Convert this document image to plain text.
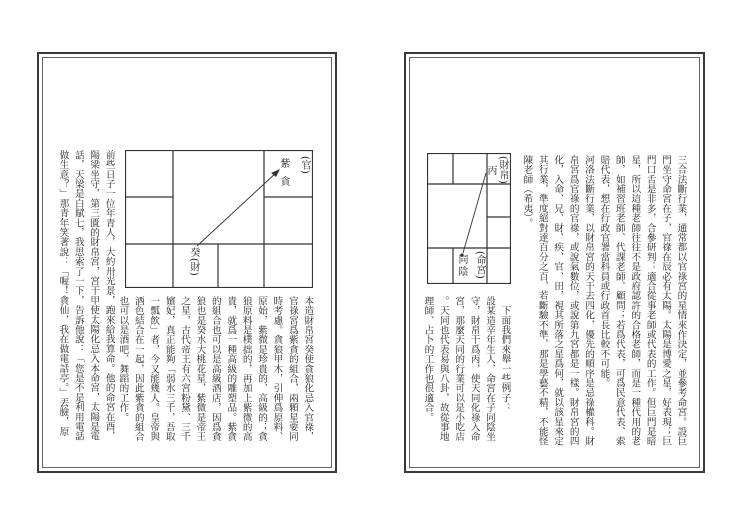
(官)
紫貪
癸
(財)
前些日子一位年青人，大約卅光景，跑來給我算命。他的命宮在酉，
陽梁坐守，第三匱的財帛宮，宮干甲使太陽化忌入本命宮，太陽是電
話，天梁是白賦七，我思索了一下，告訴他說：「您是不是利用電話
做生意？」那青年笑著說：「喔！貪仙，我在做電話亭。」丟臉，原	本造財帛宮癸使貪狼化忌入官祿，
官祿宮爲紫貪的組合，兩顆星要同
時考慮。貪狼甲木，引伸爲原料、
原始，紫微是珍貴的、高級的；貪
狼原料是樸拙的，再加上紫微的高
貴，就爲一種高級的雕塑品。紫貪
的組合也可以是高級酒店，因爲貪
狼也是癸水大桃花星，紫微是帝王
之星，古代帝王有六宮粉黛、三千
嬪妃，真正能夠「弱水三千，吾取
一瓢飲」者，今又能幾人。皇帝與
酒色結合在一起，因此紫貪的組合
也可以是酒吧、舞蹈的工作。
(財帛)
丙
(命宮)
同陰	三合法斷行業，通常都以官祿宮的星情來作決定，並參考命宮。設巨
門坐守命宮在子，官祿在辰必有太陽。太陽是博愛之星，好表現；巨
門口舌是非多，合參研判：適合從事老師或代表的工作。但巨門是暗
星，所以這種老師往往不是政府認許的合格老師，而是一種代用的老
師，如補習班老師、代課老師、顧問；若爲代表，可爲民意代表、索
賠代表，想在行政官署當科員或行政首長比較不可能。
河洛法斷行業，以財帛宮的天干去四化，優先的順序是忌祿權科。財
帛宮爲官祿的官祿，或說氣數位，或說第九宮都是一樣。財帛宮的四
化，入命、兄、財、疾、官、田，視其所落之星爲何，就以該星來定
其行業，準度絕對達百分之百，若斷驗不準，那是學藝不精，不能怪
陳老師（希夷）。
　下面我們來舉一些例子：
設某造辛年生人，命宮在子同陰坐
守，財帛干爲丙，使天同化祿入命
宮，那麼天同的行業可以是小吃店
。天同也代表易與八卦，故從事地
理師、占卜的工作也很適合。
